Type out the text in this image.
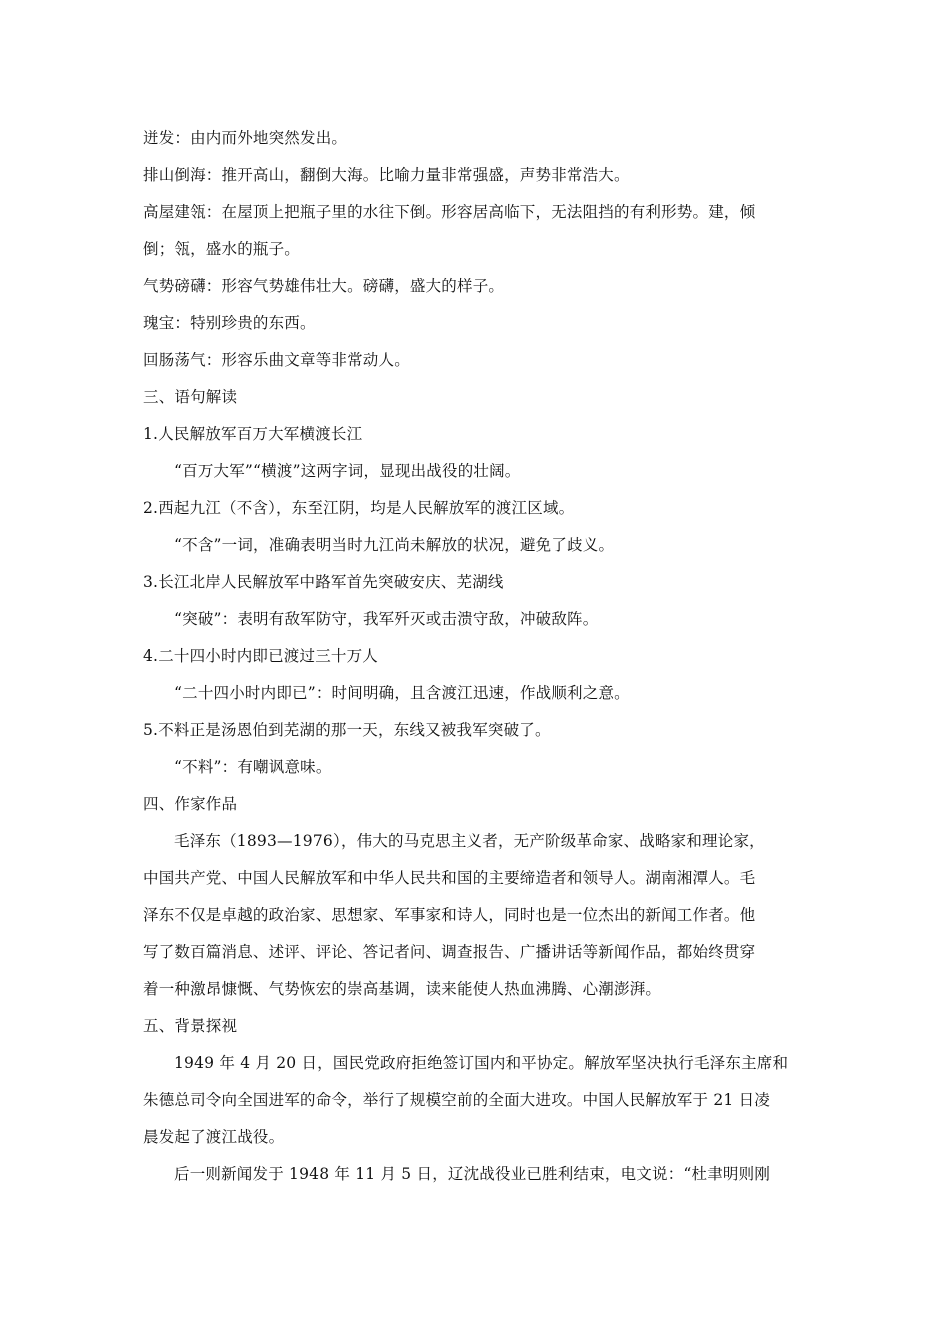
迸发：由内而外地突然发出。
排山倒海：推开高山，翻倒大海。比喻力量非常强盛，声势非常浩大。
高屋建瓴：在屋顶上把瓶子里的水往下倒。形容居高临下，无法阻挡的有利形势。建，倾
倒；瓴，盛水的瓶子。
气势磅礴：形容气势雄伟壮大。磅礴，盛大的样子。
瑰宝：特别珍贵的东西。
回肠荡气：形容乐曲文章等非常动人。
三、语句解读
1.人民解放军百万大军横渡长江
“百万大军”“横渡”这两字词，显现出战役的壮阔。
2.西起九江（不含），东至江阴，均是人民解放军的渡江区域。
“不含”一词，准确表明当时九江尚未解放的状况，避免了歧义。
3.长江北岸人民解放军中路军首先突破安庆、芜湖线
“突破”：表明有敌军防守，我军歼灭或击溃守敌，冲破敌阵。
4.二十四小时内即已渡过三十万人
“二十四小时内即已”：时间明确，且含渡江迅速，作战顺利之意。
5.不料正是汤恩伯到芜湖的那一天，东线又被我军突破了。
“不料”：有嘲讽意味。
四、作家作品
毛泽东（1893—1976），伟大的马克思主义者，无产阶级革命家、战略家和理论家，
中国共产党、中国人民解放军和中华人民共和国的主要缔造者和领导人。湖南湘潭人。毛
泽东不仅是卓越的政治家、思想家、军事家和诗人，同时也是一位杰出的新闻工作者。他
写了数百篇消息、述评、评论、答记者问、调查报告、广播讲话等新闻作品，都始终贯穿
着一种激昂慷慨、气势恢宏的崇高基调，读来能使人热血沸腾、心潮澎湃。
五、背景探视
1949 年 4 月 20 日，国民党政府拒绝签订国内和平协定。解放军坚决执行毛泽东主席和
朱德总司令向全国进军的命令，举行了规模空前的全面大进攻。中国人民解放军于 21 日凌
晨发起了渡江战役。
后一则新闻发于 1948 年 11 月 5 日，辽沈战役业已胜利结束，电文说：“杜聿明则刚
